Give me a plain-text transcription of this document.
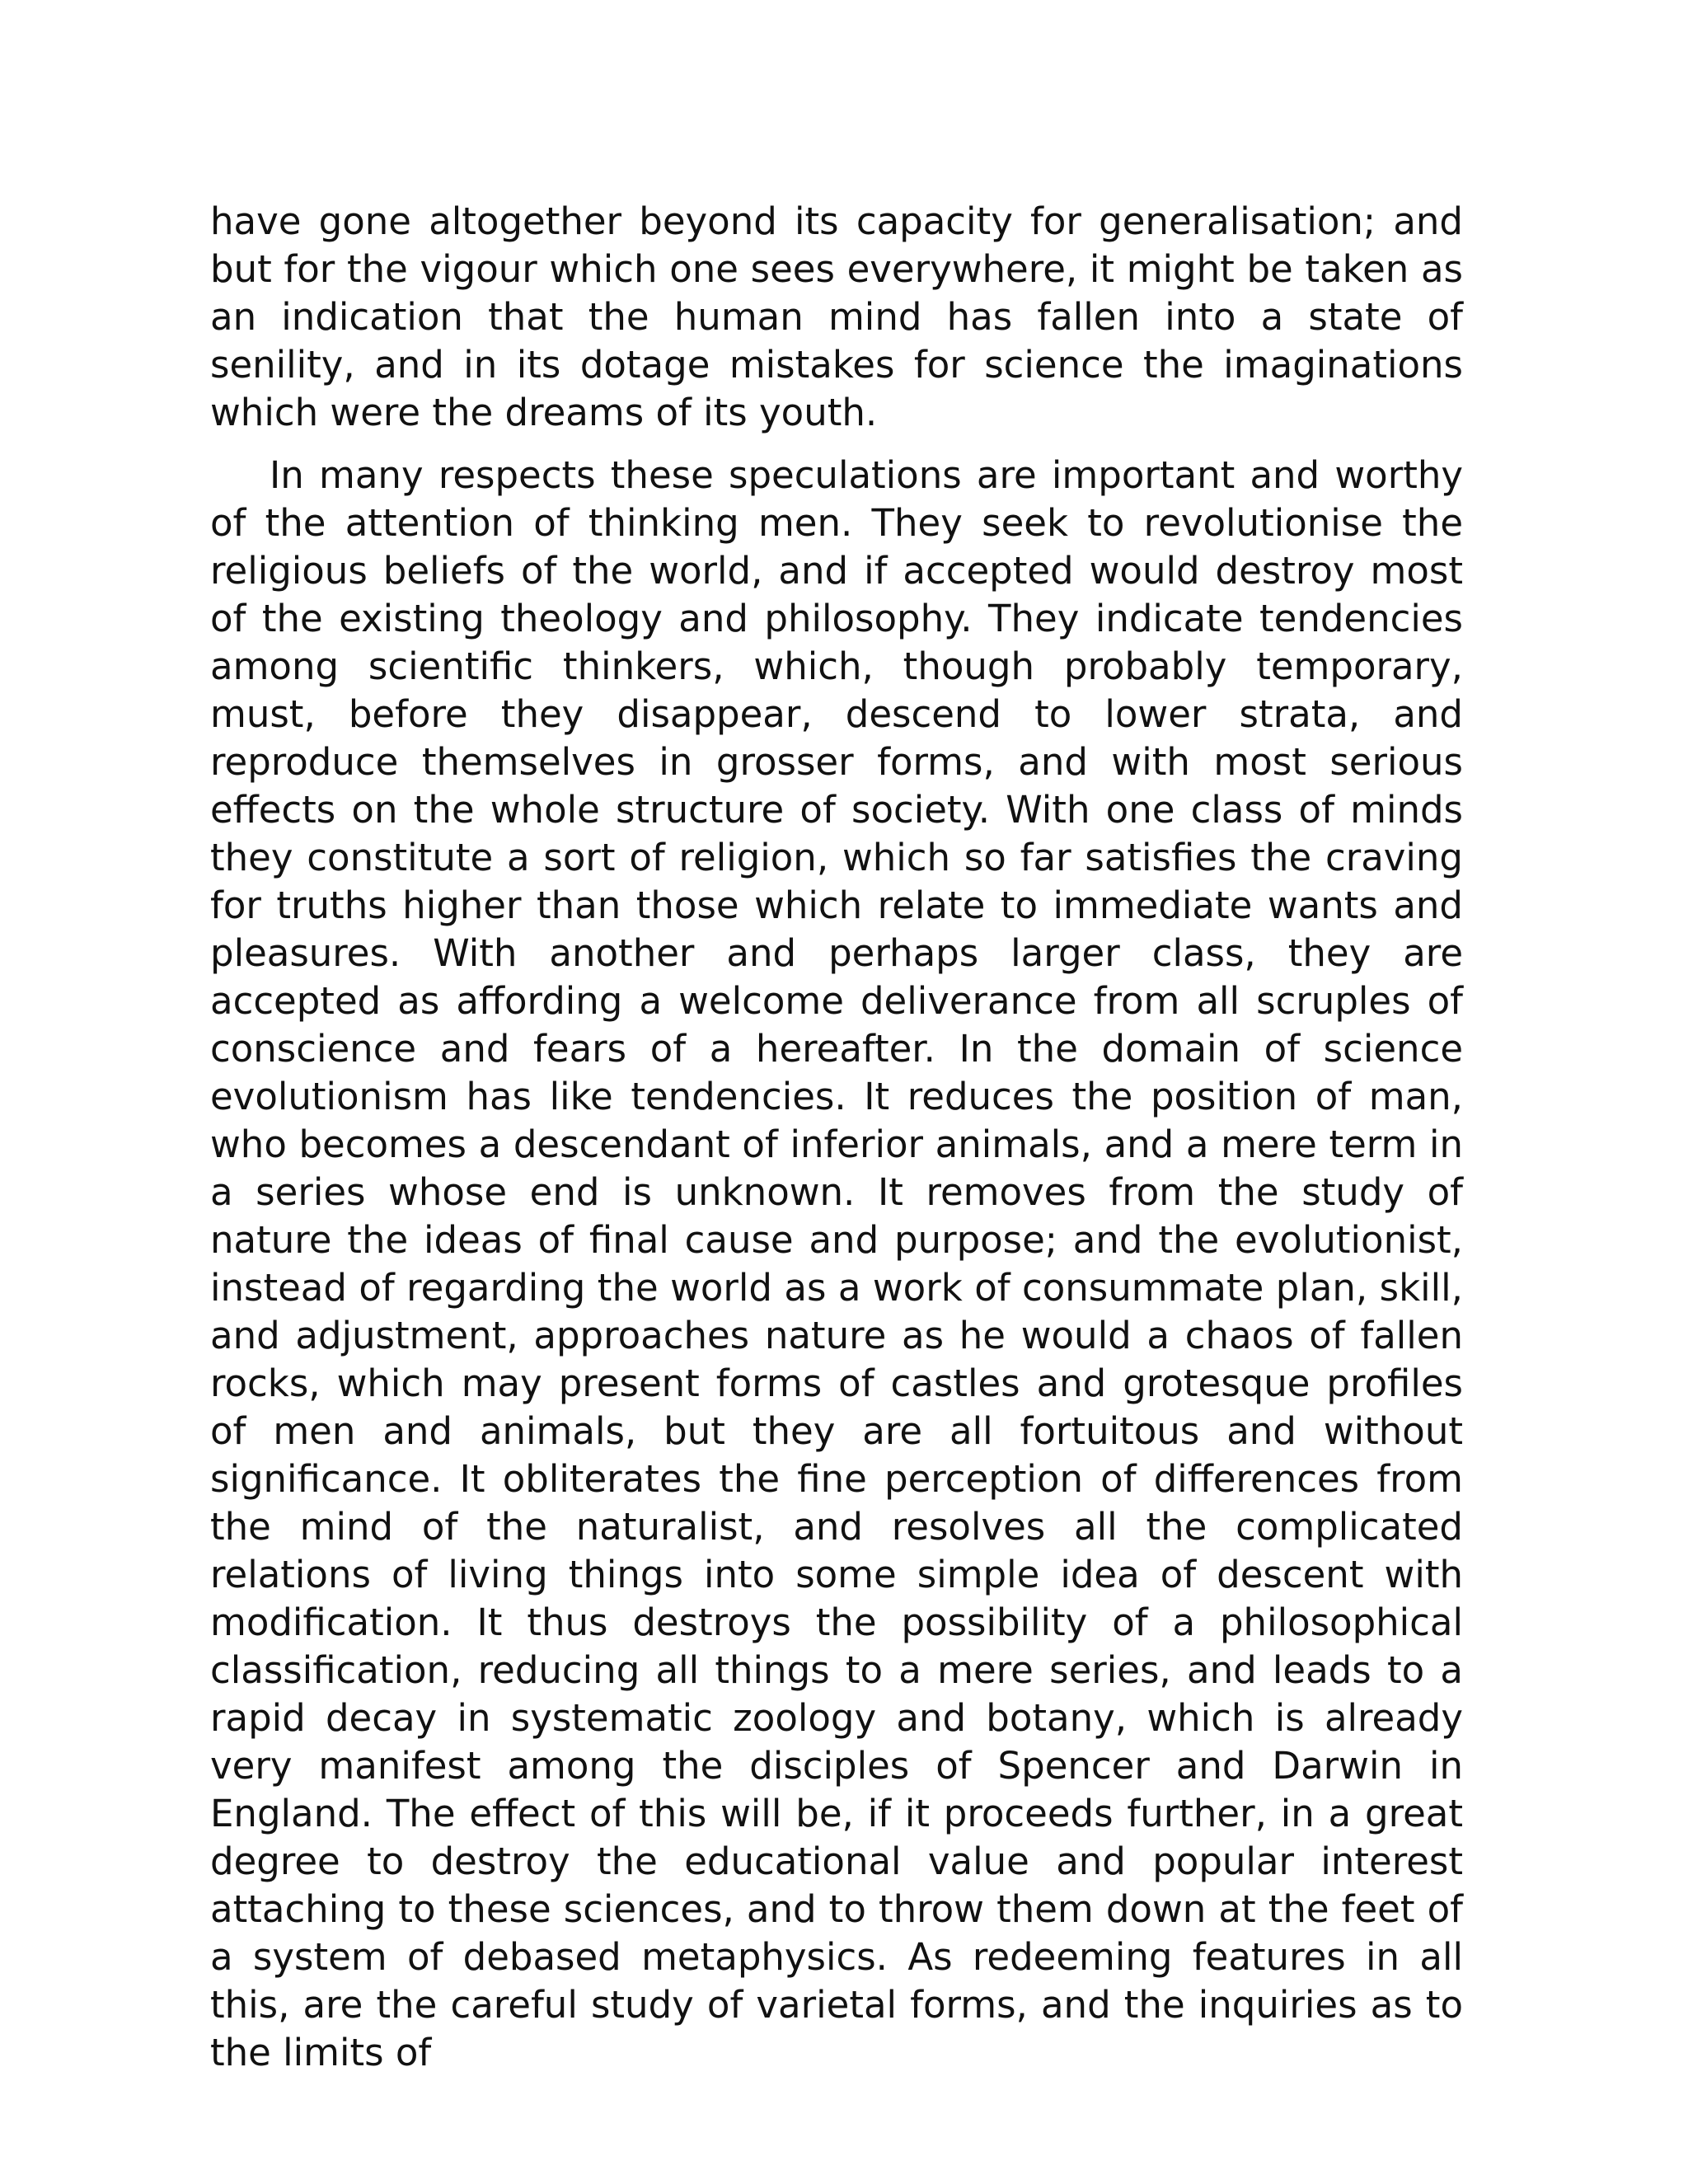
have gone altogether beyond its capacity for generalisation; and but for the vigour which one sees everywhere, it might be taken as an indication that the human mind has fallen into a state of senility, and in its dotage mistakes for science the imaginations which were the dreams of its youth.

In many respects these speculations are important and worthy of the attention of thinking men. They seek to revolutionise the religious beliefs of the world, and if accepted would destroy most of the existing theology and philosophy. They indicate tendencies among scientific thinkers, which, though probably temporary, must, before they disappear, descend to lower strata, and reproduce themselves in grosser forms, and with most serious effects on the whole structure of society. With one class of minds they constitute a sort of religion, which so far satisfies the craving for truths higher than those which relate to immediate wants and pleasures. With another and perhaps larger class, they are accepted as affording a welcome deliverance from all scruples of conscience and fears of a hereafter. In the domain of science evolutionism has like tendencies. It reduces the position of man, who becomes a descendant of inferior animals, and a mere term in a series whose end is unknown. It removes from the study of nature the ideas of final cause and purpose; and the evolutionist, instead of regarding the world as a work of consummate plan, skill, and adjustment, approaches nature as he would a chaos of fallen rocks, which may present forms of castles and grotesque profiles of men and animals, but they are all fortuitous and without significance. It obliterates the fine perception of differences from the mind of the naturalist, and resolves all the complicated relations of living things into some simple idea of descent with modification. It thus destroys the possibility of a philosophical classification, reducing all things to a mere series, and leads to a rapid decay in systematic zoology and botany, which is already very manifest among the disciples of Spencer and Darwin in England. The effect of this will be, if it proceeds further, in a great degree to destroy the educational value and popular interest attaching to these sciences, and to throw them down at the feet of a system of debased metaphysics. As redeeming features in all this, are the careful study of varietal forms, and the inquiries as to the limits of
